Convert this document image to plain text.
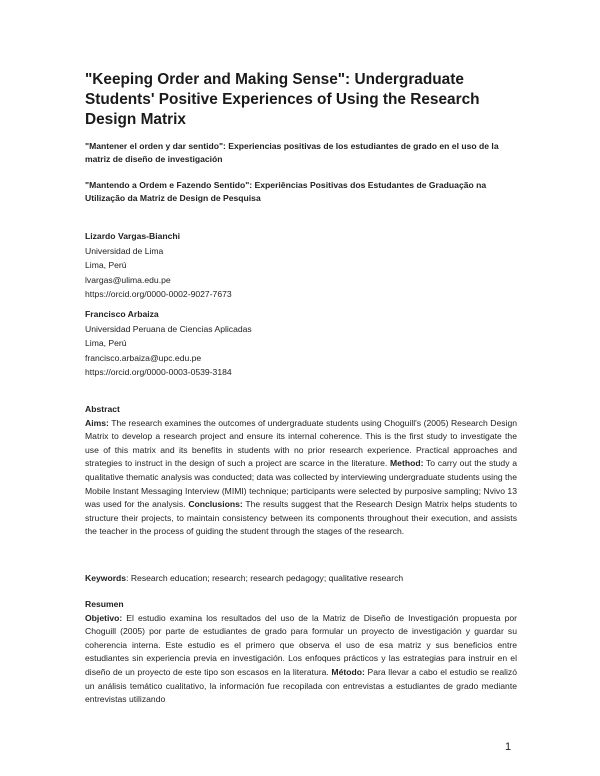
"Keeping Order and Making Sense": Undergraduate Students' Positive Experiences of Using the Research Design Matrix

"Mantener el orden y dar sentido": Experiencias positivas de los estudiantes de grado en el uso de la matriz de diseño de investigación

"Mantendo a Ordem e Fazendo Sentido": Experiências Positivas dos Estudantes de Graduação na Utilização da Matriz de Design de Pesquisa

Lizardo Vargas-Bianchi
Universidad de Lima
Lima, Perú
lvargas@ulima.edu.pe
https://orcid.org/0000-0002-9027-7673
Francisco Arbaiza
Universidad Peruana de Ciencias Aplicadas
Lima, Perú
francisco.arbaiza@upc.edu.pe
https://orcid.org/0000-0003-0539-3184

Abstract
Aims: The research examines the outcomes of undergraduate students using Choguill's (2005) Research Design Matrix to develop a research project and ensure its internal coherence. This is the first study to investigate the use of this matrix and its benefits in students with no prior research experience. Practical approaches and strategies to instruct in the design of such a project are scarce in the literature. Method: To carry out the study a qualitative thematic analysis was conducted; data was collected by interviewing undergraduate students using the Mobile Instant Messaging Interview (MIMI) technique; participants were selected by purposive sampling; Nvivo 13 was used for the analysis. Conclusions: The results suggest that the Research Design Matrix helps students to structure their projects, to maintain consistency between its components throughout their execution, and assists the teacher in the process of guiding the student through the stages of the research.

Keywords: Research education; research; research pedagogy; qualitative research

Resumen
Objetivo: El estudio examina los resultados del uso de la Matriz de Diseño de Investigación propuesta por Choguill (2005) por parte de estudiantes de grado para formular un proyecto de investigación y guardar su coherencia interna. Este estudio es el primero que observa el uso de esa matriz y sus beneficios entre estudiantes sin experiencia previa en investigación. Los enfoques prácticos y las estrategias para instruir en el diseño de un proyecto de este tipo son escasos en la literatura. Método: Para llevar a cabo el estudio se realizó un análisis temático cualitativo, la información fue recopilada con entrevistas a estudiantes de grado mediante entrevistas utilizando

1
